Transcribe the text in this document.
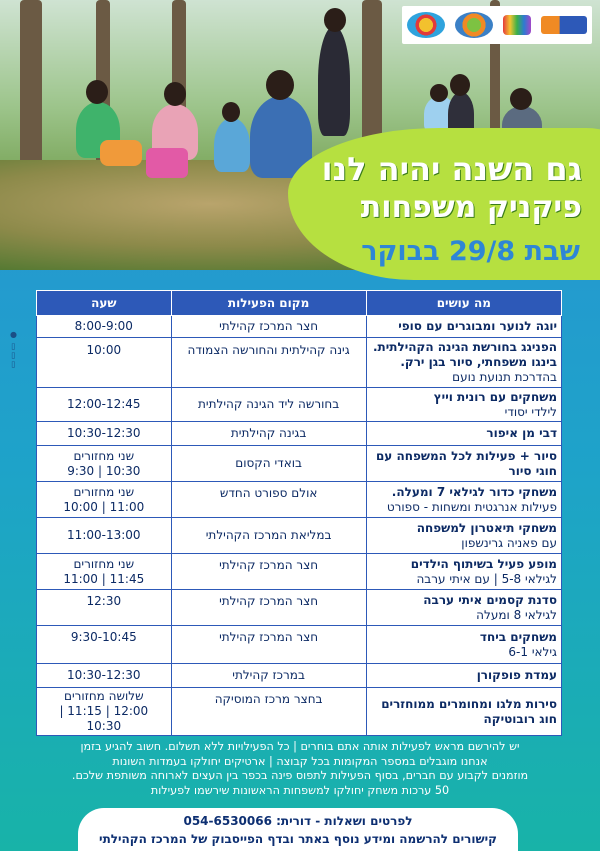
גם השנה יהיה לנו
פיקניק משפחות
שבת 29/8 בבוקר
● ▯▯▯
מה עושים	מקום הפעילות	שעה

יוגה לנוער ומבוגרים עם סופי	חצר המרכז קהילתי	8:00-9:00

הפניגג בחורשת הגינה הקהילתית. בינגו משפחתי, סיור בגן ירק.
בהדרכת תנועת נועם	גינה קהילתית והחורשה הצמודה	10:00

משחקים עם רונית וייץ
לילדי יסודי	בחורשה ליד הגינה קהילתית	12:00-12:45

דבי מן איפור	בגינה קהילתית	10:30-12:30

סיור + פעילות לכל המשפחה עם חוגי סיור	בואדי הקסום	שני מחזורים
10:30 | 9:30

משחקי כדור לגילאי 7 ומעלה.
פעילות אנרגטית ומשחות - ספורט	אולם ספורט החדש	שני מחזורים
11:00 | 10:00

משחקי תיאטרון למשפחה
עם פאניה גרינשפון	במליאת המרכז הקהילתי	11:00-13:00

מופע פעיל בשיתוף הילדים
לגילאי 5-8 | עם איתי ערבה	חצר המרכז קהילתי	שני מחזורים
11:45 | 11:00

סדנת קסמים איתי ערבה
לגילאי 8 ומעלה	חצר המרכז קהילתי	12:30

משחקים ביחד
גילאי 6-1	חצר המרכז קהילתי	9:30-10:45

עמדת פופקורן	במרכז קהילתי	10:30-12:30

סירות מלגו ומחומרים ממוחזרים
חוג רובוטיקה	בחצר מרכז המוסיקה	שלושה מחזורים
12:00 | 11:15 | 10:30
יש להירשם מראש לפעילות אותה אתם בוחרים | כל הפעילויות ללא תשלום. חשוב להגיע בזמן
אנחנו מוגבלים במספר המקומות בכל קבוצה | ארטיקים יחולקו בעמדות השונות
מוזמנים לקבוע עם חברים, בסוף הפעילות לתפוס פינה בכפר בין העצים לארוחה משותפת שלכם.
50 ערכות משחק יחולקו למשפחות הראשונות שירשמו לפעילות
לפרטים ושאלות - דורית: 054-6530066
קישורים להרשמה ומידע נוסף באתר ובדף הפייסבוק של המרכז הקהילתי
